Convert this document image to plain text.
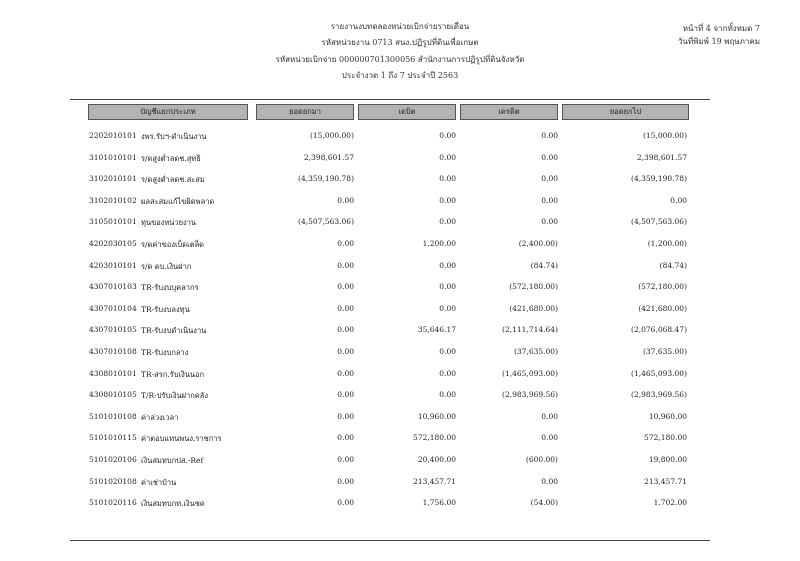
รายงานงบทดลองหน่วยเบิกจ่ายรายเดือน
รหัสหน่วยงาน 0713 สนง.ปฏิรูปที่ดินเพื่อเกษต
รหัสหน่วยเบิกจ่าย 000000701300056 สำนักงานการปฏิรูปที่ดินจังหวัด
ประจำงวด 1 ถึง 7 ประจำปี 2563
หน้าที่ 4 จากทั้งหมด 7
วันที่พิมพ์ 19 พฤษภาคม
บัญชีแยกประเภท	ยอดยกมา	เดบิต	เครดิต	ยอดยกไป
2202010101 งพร.รับฯ-ดำเนินงาน	(15,000.00)	0.00	0.00	(15,000.00)
3101010101 ร/ดสูงต่ำลดช.สุทธิ	2,398,601.57	0.00	0.00	2,398,601.57
3102010101 ร/ดสูงต่ำลดช.สะสม	(4,359,190.78)	0.00	0.00	(4,359,190.78)
3102010102 ผลสะสมแก้ไขผิดพลาด	0.00	0.00	0.00	0.00
3105010101 ทุนของหน่วยงาน	(4,507,563.06)	0.00	0.00	(4,507,563.06)
4202030105 ร/ดค่าของเบ็ดเตล็ด	0.00	1,200.00	(2,400.00)	(1,200.00)
4203010101 ร/ด ดบ.เงินฝาก	0.00	0.00	(84.74)	(84.74)
4307010103 TR-รับงบบุคลากร	0.00	0.00	(572,180.00)	(572,180.00)
4307010104 TR-รับงบลงทุน	0.00	0.00	(421,680.00)	(421,680.00)
4307010105 TR-รับงบดำเนินงาน	0.00	35,646.17	(2,111,714.64)	(2,076,068.47)
4307010108 TR-รับงบกลาง	0.00	0.00	(37,635.00)	(37,635.00)
4308010101 TR-สรก.รับเงินนอก	0.00	0.00	(1,465,093.00)	(1,465,093.00)
4308010105 T/R-ปรับเงินฝากคลัง	0.00	0.00	(2,983,969.56)	(2,983,969.56)
5101010108 ค่าล่วงเวลา	0.00	10,960.00	0.00	10,960.00
5101010115 ค่าตอบแทนพนง.ราชการ	0.00	572,180.00	0.00	572,180.00
5101020106 เงินสมทบกปส.-Ref	0.00	20,400.00	(600.00)	19,800.00
5101020108 ค่าเช่าบ้าน	0.00	213,457.71	0.00	213,457.71
5101020116 เงินสมทบกท.เงินชด	0.00	1,756.00	(54.00)	1,702.00
